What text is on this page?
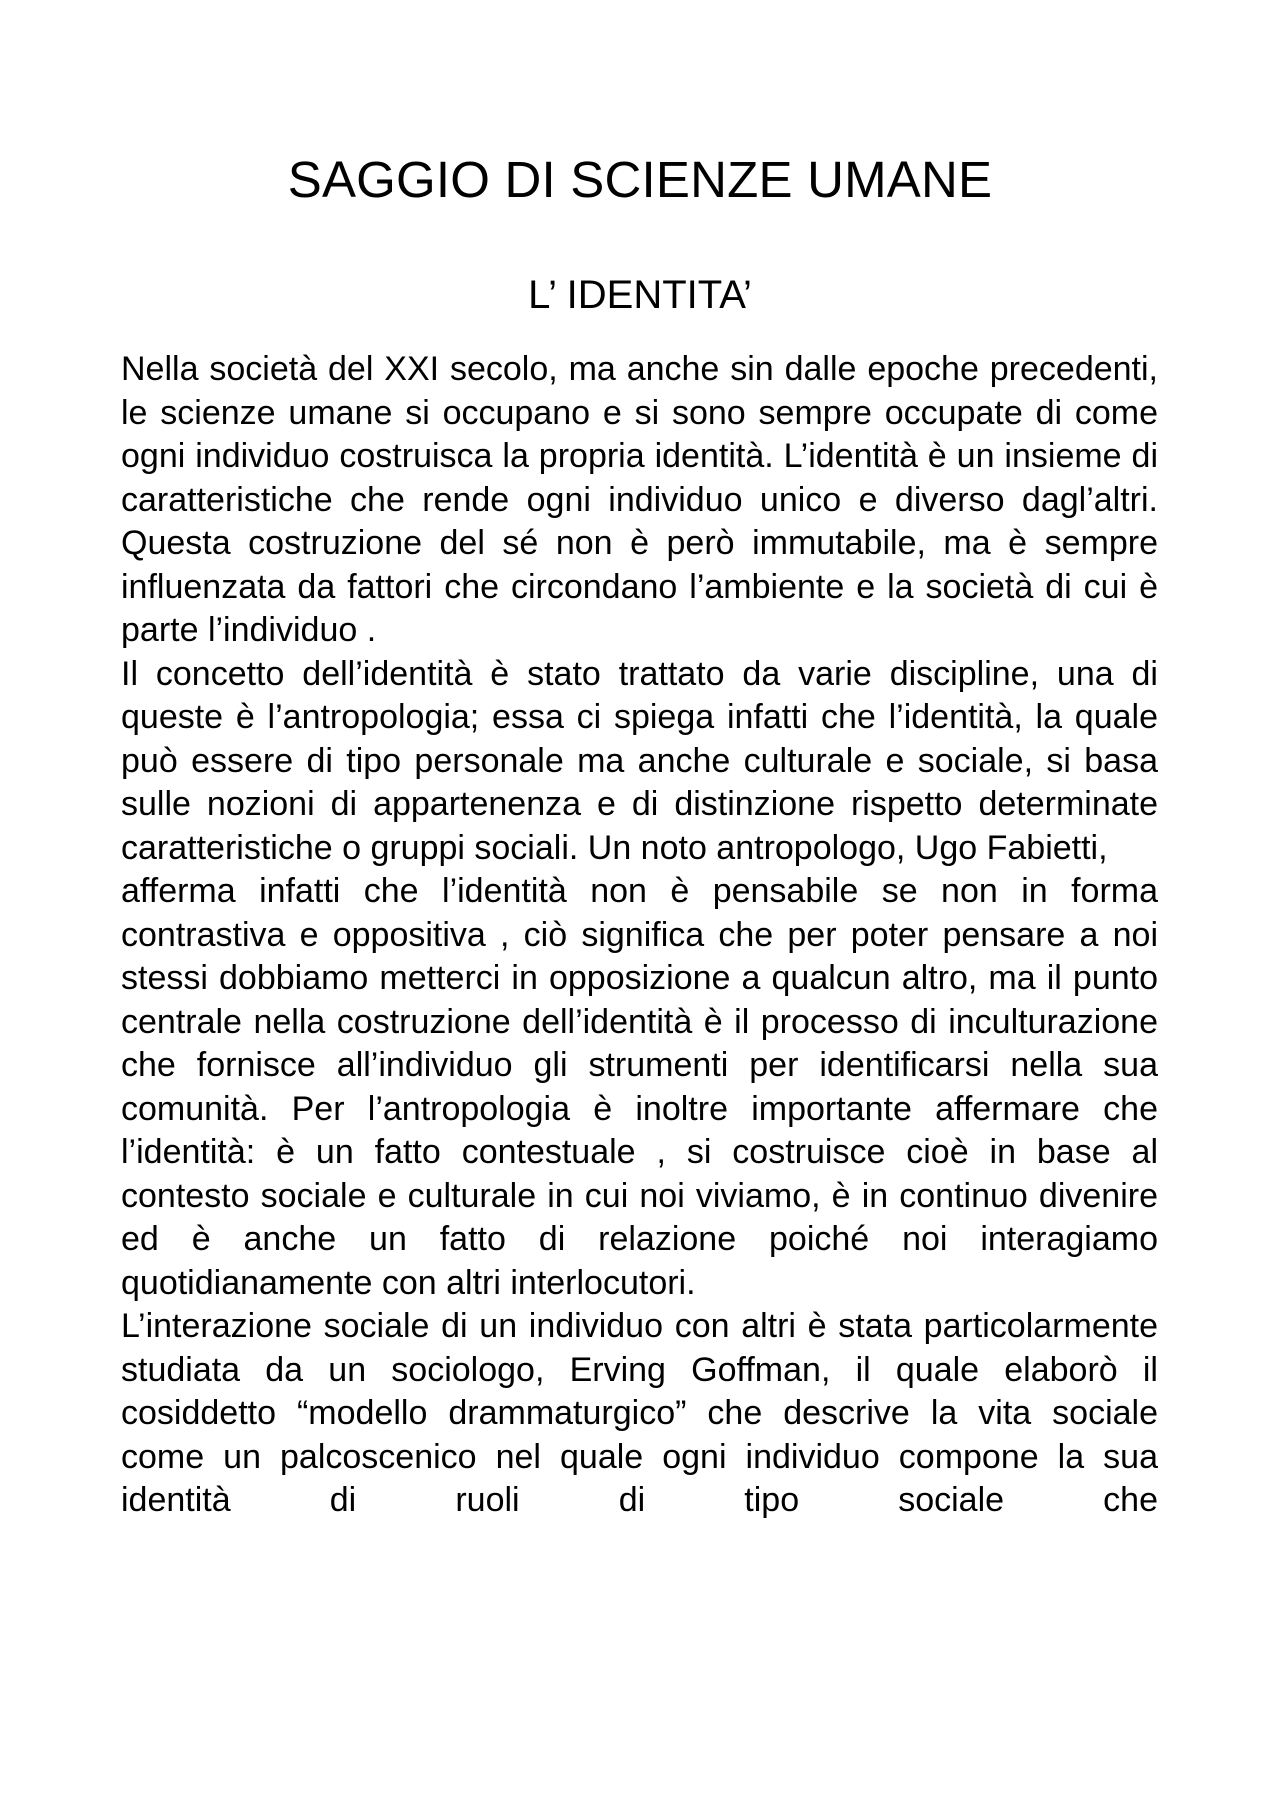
SAGGIO DI SCIENZE UMANE
L’ IDENTITA’

Nella società del XXI secolo, ma anche sin dalle epoche precedenti, le scienze umane si occupano e si sono sempre occupate di come ogni individuo costruisca la propria identità. L’identità è un insieme di caratteristiche che rende ogni individuo unico e diverso dagl’altri. Questa costruzione del sé non è però immutabile, ma è sempre influenzata da fattori che circondano l’ambiente e la società di cui è parte l’individuo .

Il concetto dell’identità è stato trattato da varie discipline, una di queste è l’antropologia; essa ci spiega infatti che l’identità, la quale può essere di tipo personale ma anche culturale e sociale, si basa sulle nozioni di appartenenza e di distinzione rispetto determinate caratteristiche o gruppi sociali. Un noto antropologo, Ugo Fabietti,

afferma infatti che l’identità non è pensabile se non in forma contrastiva e oppositiva , ciò significa che per poter pensare a noi stessi dobbiamo metterci in opposizione a qualcun altro, ma il punto centrale nella costruzione dell’identità è il processo di inculturazione che fornisce all’individuo gli strumenti per identificarsi nella sua comunità. Per l’antropologia è inoltre importante affermare che l’identità: è un fatto contestuale , si costruisce cioè in base al contesto sociale e culturale in cui noi viviamo, è in continuo divenire ed è anche un fatto di relazione poiché noi interagiamo quotidianamente con altri interlocutori.

L’interazione sociale di un individuo con altri è stata particolarmente studiata da un sociologo, Erving Goffman, il quale elaborò il cosiddetto “modello drammaturgico” che descrive la vita sociale come un palcoscenico nel quale ogni individuo compone la sua identità di ruoli di tipo sociale che
